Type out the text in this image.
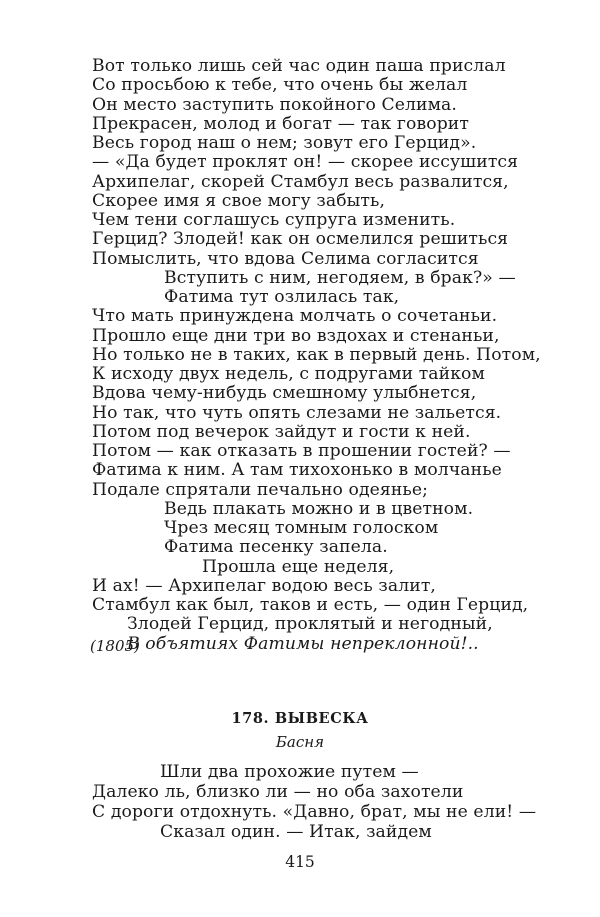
Вот только лишь сей час один паша прислал
Со просьбою к тебе, что очень бы желал
Он место заступить покойного Селима.
Прекрасен, молод и богат — так говорит
Весь город наш о нем; зовут его Герцид».
— «Да будет проклят он! — скорее иссушится
Архипелаг, скорей Стамбул весь развалится,
Скорее имя я свое могу забыть,
Чем тени соглашусь супруга изменить.
Герцид? Злодей! как он осмелился решиться
Помыслить, что вдова Селима согласится
Вступить с ним, негодяем, в брак?» —
Фатима тут озлилась так,
Что мать принуждена молчать о сочетаньи.
Прошло еще дни три во вздохах и стенаньи,
Но только не в таких, как в первый день. Потом,
К исходу двух недель, с подругами тайком
Вдова чему-нибудь смешному улыбнется,
Но так, что чуть опять слезами не зальется.
Потом под вечерок зайдут и гости к ней.
Потом — как отказать в прошении гостей? —
Фатима к ним. А там тихохонько в молчанье
Подале спрятали печально одеянье;
Ведь плакать можно и в цветном.
Чрез месяц томным голоском
Фатима песенку запела.
Прошла еще неделя,
И ах! — Архипелаг водою весь залит,
Стамбул как был, таков и есть, — один Герцид,
Злодей Герцид, проклятый и негодный,
В объятиях Фатимы непреклонной!..
(1805)
178. ВЫВЕСКА
Басня
Шли два прохожие путем —
Далеко ль, близко ли — но оба захотели
С дороги отдохнуть. «Давно, брат, мы не ели! —
Сказал один. — Итак, зайдем
415
